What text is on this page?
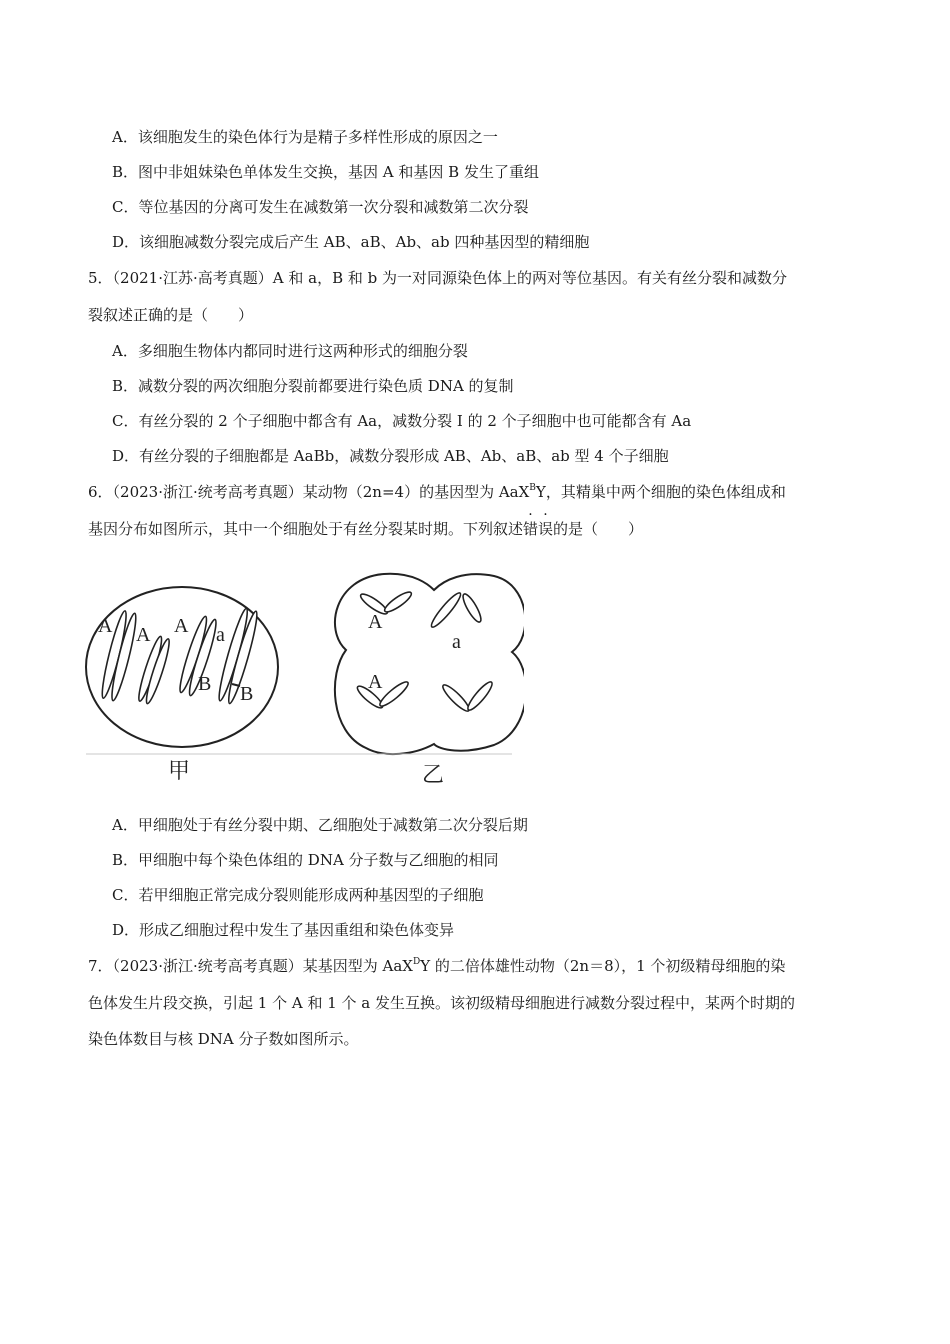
A．该细胞发生的染色体行为是精子多样性形成的原因之一
B．图中非姐妹染色单体发生交换，基因 A 和基因 B 发生了重组
C．等位基因的分离可发生在减数第一次分裂和减数第二次分裂
D．该细胞减数分裂完成后产生 AB、aB、Ab、ab 四种基因型的精细胞
5．（2021·江苏·高考真题）A 和 a，B 和 b 为一对同源染色体上的两对等位基因。有关有丝分裂和减数分
裂叙述正确的是（　　）
A．多细胞生物体内都同时进行这两种形式的细胞分裂
B．减数分裂的两次细胞分裂前都要进行染色质 DNA 的复制
C．有丝分裂的 2 个子细胞中都含有 Aa，减数分裂 I 的 2 个子细胞中也可能都含有 Aa
D．有丝分裂的子细胞都是 AaBb，减数分裂形成 AB、Ab、aB、ab 型 4 个子细胞
6．（2023·浙江·统考高考真题）某动物（2n=4）的基因型为 AaX$^B$Y，其精巢中两个细胞的染色体组成和
基因分布如图所示，其中一个细胞处于有丝分裂某时期。下列叙述错误的是（　　）
A A A a
B B
A
a
A
甲	乙
A．甲细胞处于有丝分裂中期、乙细胞处于减数第二次分裂后期
B．甲细胞中每个染色体组的 DNA 分子数与乙细胞的相同
C．若甲细胞正常完成分裂则能形成两种基因型的子细胞
D．形成乙细胞过程中发生了基因重组和染色体变异
7．（2023·浙江·统考高考真题）某基因型为 AaX$^D$Y 的二倍体雄性动物（2n＝8），1 个初级精母细胞的染
色体发生片段交换，引起 1 个 A 和 1 个 a 发生互换。该初级精母细胞进行减数分裂过程中，某两个时期的
染色体数目与核 DNA 分子数如图所示。
